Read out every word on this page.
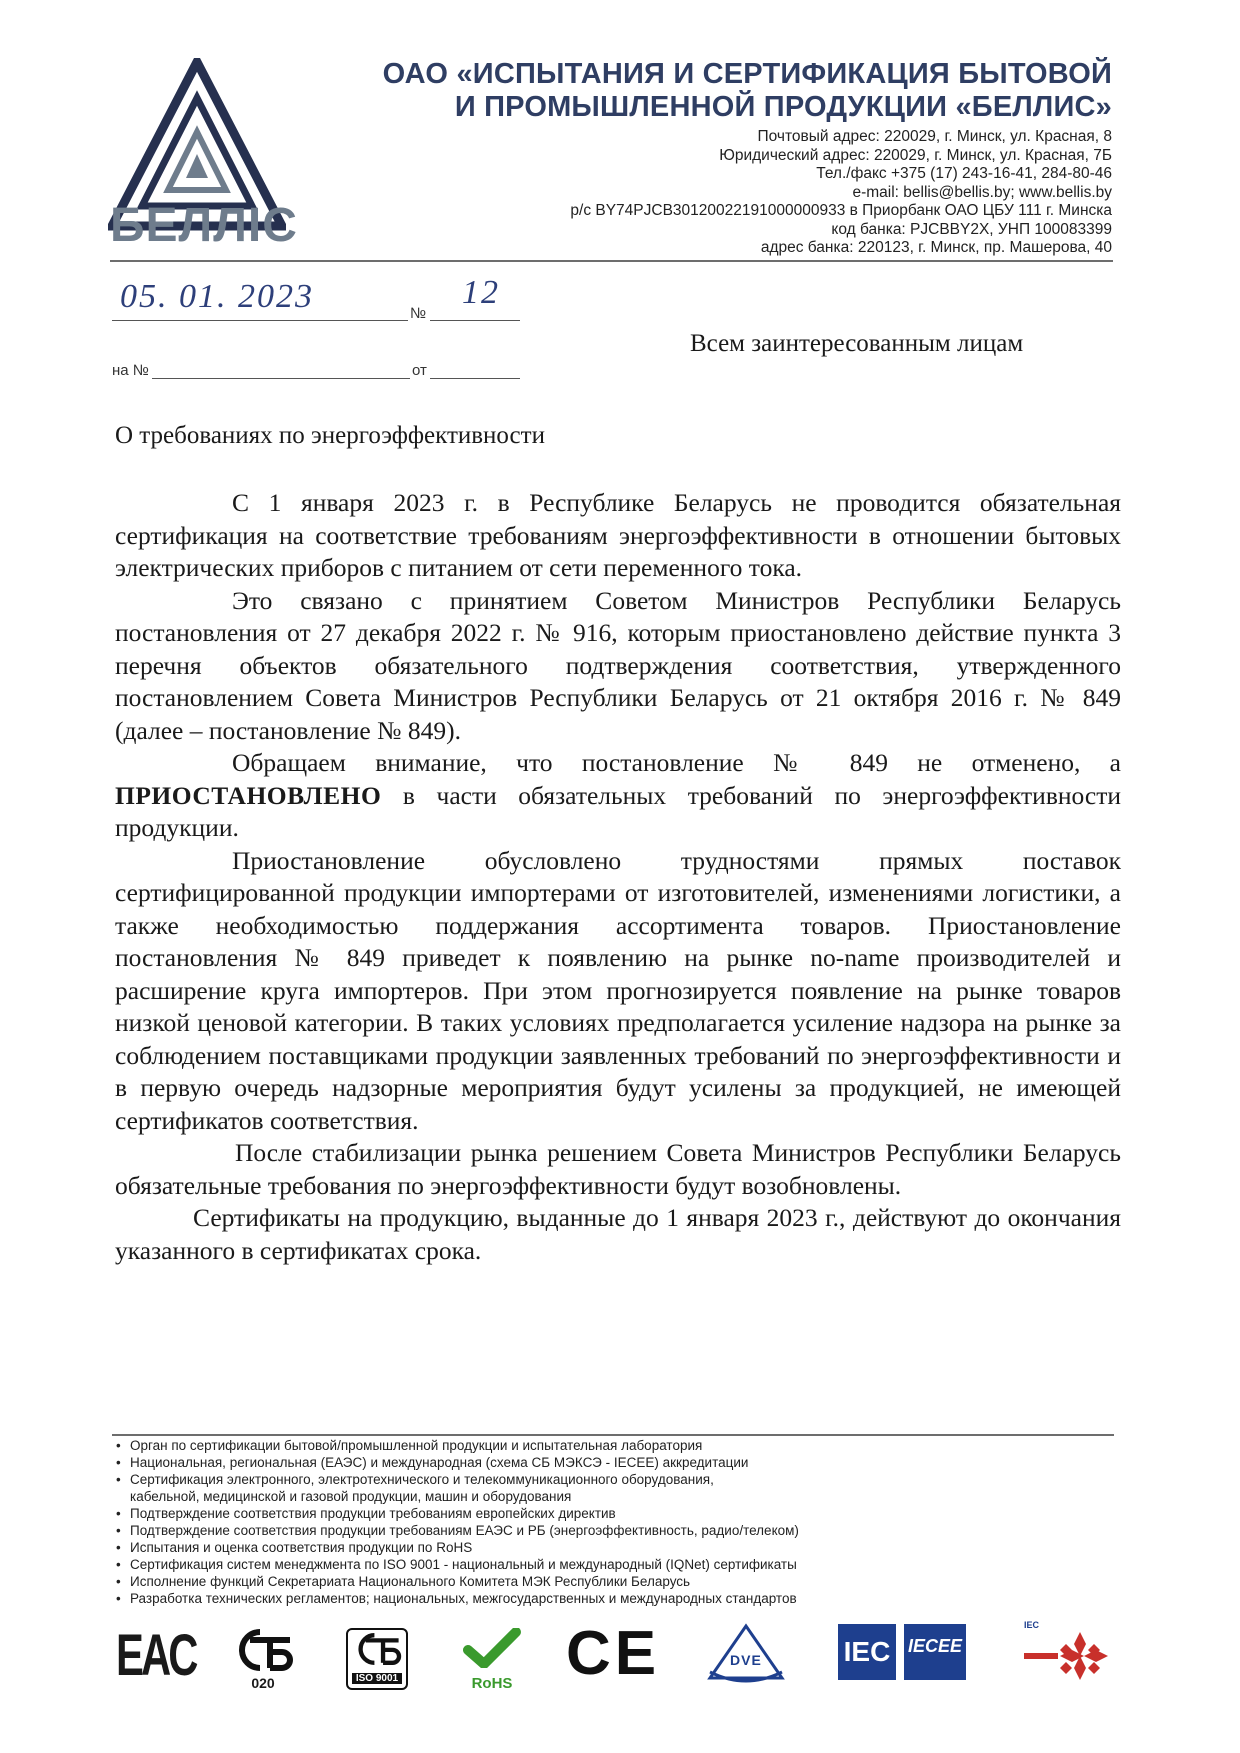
БЕЛЛІС
ОАО «ИСПЫТАНИЯ И СЕРТИФИКАЦИЯ БЫТОВОЙ
И ПРОМЫШЛЕННОЙ ПРОДУКЦИИ «БЕЛЛИС»
Почтовый адрес: 220029, г. Минск, ул. Красная, 8
Юридический адрес: 220029, г. Минск, ул. Красная, 7Б
Тел./факс +375 (17) 243-16-41, 284-80-46
e-mail: bellis@bellis.by; www.bellis.by
р/с BY74PJCB30120022191000000933 в Приорбанк ОАО ЦБУ 111 г. Минска
код банка: PJCBBY2X, УНП 100083399
адрес банка: 220123, г. Минск, пр. Машерова, 40
05. 01. 2023	№
12
на №	от
Всем заинтересованным лицам
О требованиях по энергоэффективности

С 1 января 2023 г. в Республике Беларусь не проводится обязательная сертификация на соответствие требованиям энергоэффективности в отношении бытовых электрических приборов с питанием от сети переменного тока.

Это связано с принятием Советом Министров Республики Беларусь постановления от 27 декабря 2022 г. № 916, которым приостановлено действие пункта 3 перечня объектов обязательного подтверждения соответствия, утвержденного постановлением Совета Министров Республики Беларусь от 21 октября 2016 г. № 849 (далее – постановление № 849).

Обращаем внимание, что постановление № 849 не отменено, а ПРИОСТАНОВЛЕНО в части обязательных требований по энергоэффективности продукции.

Приостановление обусловлено трудностями прямых поставок сертифицированной продукции импортерами от изготовителей, изменениями логистики, а также необходимостью поддержания ассортимента товаров. Приостановление постановления № 849 приведет к появлению на рынке no-name производителей и расширение круга импортеров. При этом прогнозируется появление на рынке товаров низкой ценовой категории. В таких условиях предполагается усиление надзора на рынке за соблюдением поставщиками продукции заявленных требований по энергоэффективности и в первую очередь надзорные мероприятия будут усилены за продукцией, не имеющей сертификатов соответствия.

После стабилизации рынка решением Совета Министров Республики Беларусь обязательные требования по энергоэффективности будут возобновлены.

Сертификаты на продукцию, выданные до 1 января 2023 г., действуют до окончания указанного в сертификатах срока.

• Орган по сертификации бытовой/промышленной продукции и испытательная лаборатория
• Национальная, региональная (ЕАЭС) и международная (схема СБ МЭКСЭ - IECEE) аккредитации
• Сертификация электронного, электротехнического и телекоммуникационного оборудования,
кабельной, медицинской и газовой продукции, машин и оборудования
• Подтверждение соответствия продукции требованиям европейских директив
• Подтверждение соответствия продукции требованиям ЕАЭС и РБ (энергоэффективность, радио/телеком)
• Испытания и оценка соответствия продукции по RoHS
• Сертификация систем менеджмента по ISO 9001 - национальный и международный (IQNet) сертификаты
• Исполнение функций Секретариата Национального Комитета МЭК Республики Беларусь
• Разработка технических регламентов; национальных, межгосударственных и международных стандартов
EAC	020	ISO 9001	RoHS CE	DVE	IEC IECEE
IEC
